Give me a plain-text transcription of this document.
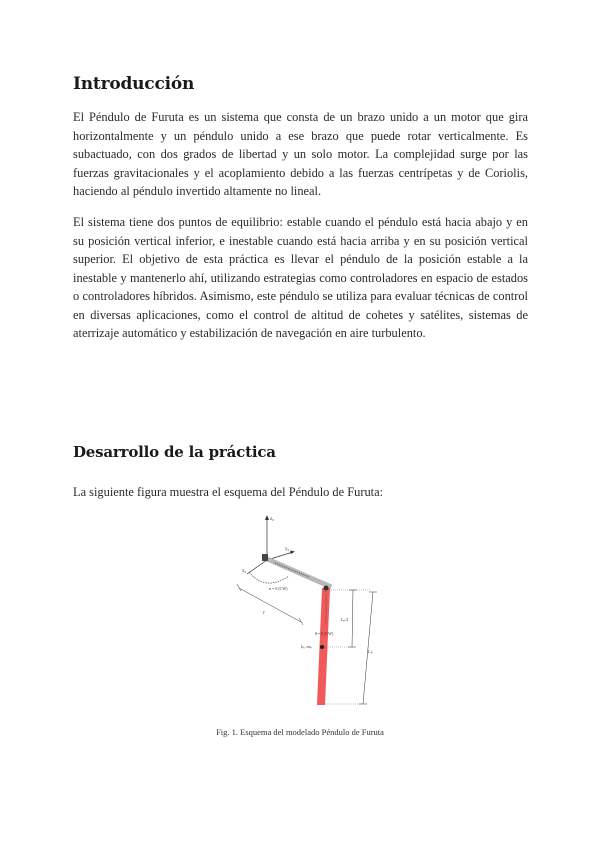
Introducción

El Péndulo de Furuta es un sistema que consta de un brazo unido a un motor que gira horizontalmente y un péndulo unido a ese brazo que puede rotar verticalmente. Es subactuado, con dos grados de libertad y un solo motor. La complejidad surge por las fuerzas gravitacionales y el acoplamiento debido a las fuerzas centrípetas y de Coriolis, haciendo al péndulo invertido altamente no lineal.

El sistema tiene dos puntos de equilibrio: estable cuando el péndulo está hacia abajo y en su posición vertical inferior, e inestable cuando está hacia arriba y en su posición vertical superior. El objetivo de esta práctica es llevar el péndulo de la posición estable a la inestable y mantenerlo ahí, utilizando estrategias como controladores en espacio de estados o controladores híbridos. Asimismo, este péndulo se utiliza para evaluar técnicas de control en diversas aplicaciones, como el control de altitud de cohetes y satélites, sistemas de aterrizaje automático y estabilización de navegación en aire turbulento.

Desarrollo de la práctica

La siguiente figura muestra el esquema del Péndulo de Furuta:

z₀
y₀
x₀
α = 0 (CW)
r
θ = 0 (CW)
lₚ, mₚ
Lₚ/2
Lₚ
Fig. 1. Esquema del modelado Péndulo de Furuta
